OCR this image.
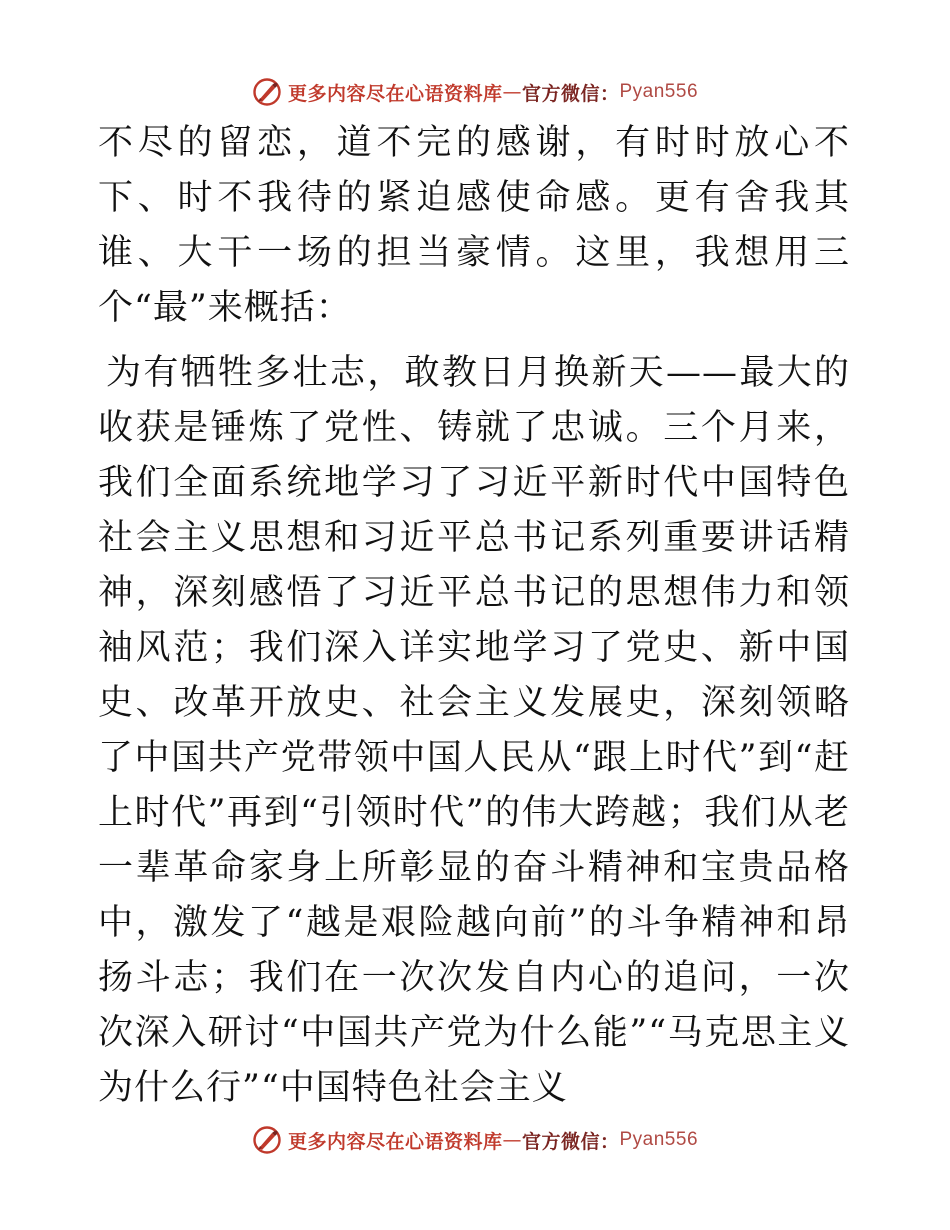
更多内容尽在心语资料库 — 官方微信： Pyan556

不尽的留恋，道不完的感谢，有时时放心不下、时不我待的紧迫感使命感。更有舍我其谁、大干一场的担当豪情。这里，我想用三个“最”来概括：

为有牺牲多壮志，敢教日月换新天——最大的收获是锤炼了党性、铸就了忠诚。三个月来，我们全面系统地学习了习近平新时代中国特色社会主义思想和习近平总书记系列重要讲话精神，深刻感悟了习近平总书记的思想伟力和领袖风范；我们深入详实地学习了党史、新中国史、改革开放史、社会主义发展史，深刻领略了中国共产党带领中国人民从“跟上时代”到“赶上时代”再到“引领时代”的伟大跨越；我们从老一辈革命家身上所彰显的奋斗精神和宝贵品格中，激发了“越是艰险越向前”的斗争精神和昂扬斗志；我们在一次次发自内心的追问，一次次深入研讨“中国共产党为什么能”“马克思主义为什么行”“中国特色社会主义

更多内容尽在心语资料库 — 官方微信： Pyan556
